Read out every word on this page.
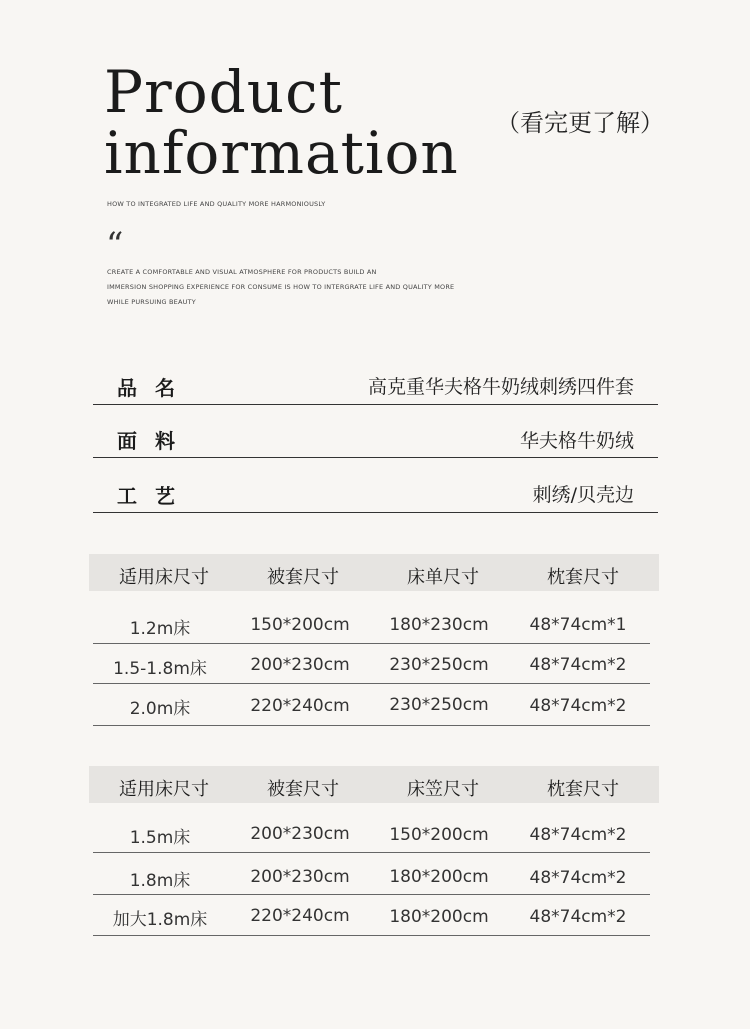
Product
information （看完更了解）
HOW TO INTEGRATED LIFE AND QUALITY MORE HARMONIOUSLY
“
CREATE A COMFORTABLE AND VISUAL ATMOSPHERE FOR PRODUCTS BUILD AN
IMMERSION SHOPPING EXPERIENCE FOR CONSUME IS HOW TO INTERGRATE LIFE AND QUALITY MORE
WHILE PURSUING BEAUTY
品名	高克重华夫格牛奶绒刺绣四件套
面料	华夫格牛奶绒
工艺	刺绣/贝壳边
适用床尺寸	被套尺寸	床单尺寸	枕套尺寸
1.2m床	150*200cm 180*230cm 48*74cm*1
1.5-1.8m床	200*230cm 230*250cm 48*74cm*2
2.0m床	220*240cm 230*250cm 48*74cm*2
适用床尺寸	被套尺寸	床笠尺寸	枕套尺寸
1.5m床	200*230cm 150*200cm 48*74cm*2
1.8m床	200*230cm 180*200cm 48*74cm*2
加大1.8m床	220*240cm 180*200cm 48*74cm*2
